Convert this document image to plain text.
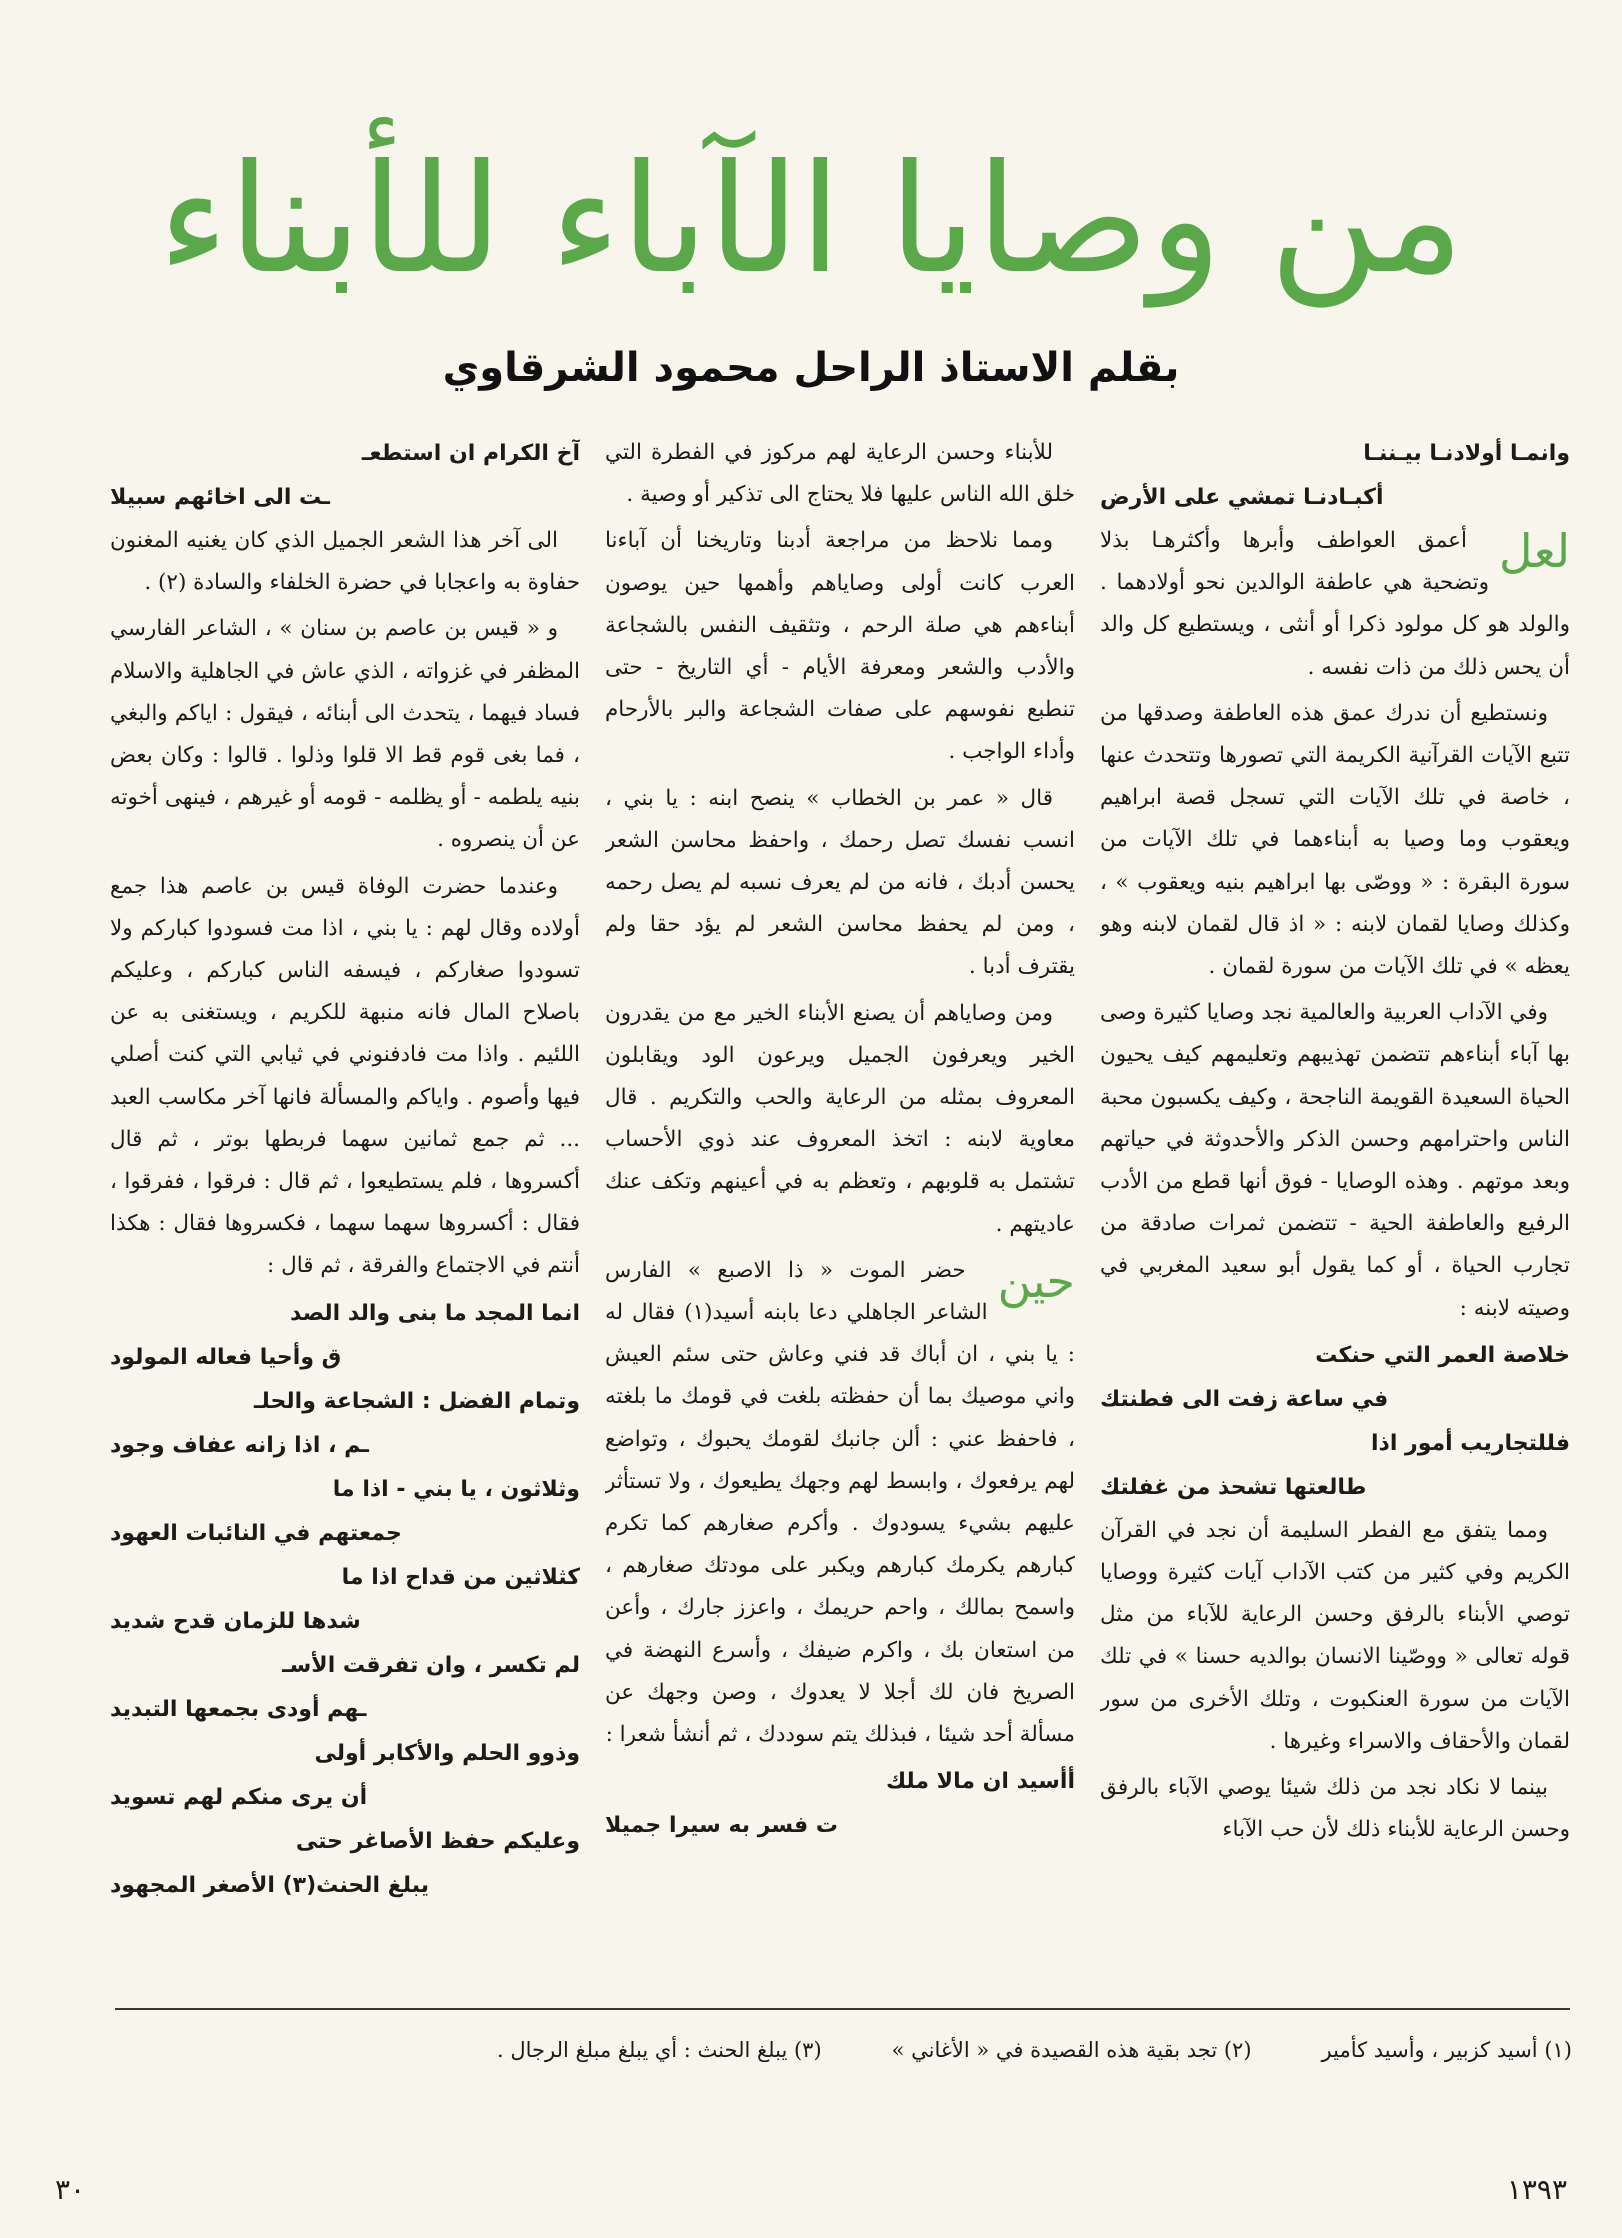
من وصايا الآباء للأبناء
بقلم الاستاذ الراحل محمود الشرقاوي
وانمـا أولادنـا بيـننـا
أكبـادنـا تمشي على الأرض
لعل

أعمق العواطف وأبرها وأكثرهـا بذلا وتضحية هي عاطفة الوالدين نحو أولادهما . والولد هو كل مولود ذكرا أو أنثى ، ويستطيع كل والد أن يحس ذلك من ذات نفسه .

ونستطيع أن ندرك عمق هذه العاطفة وصدقها من تتبع الآيات القرآنية الكريمة التي تصورها وتتحدث عنها ، خاصة في تلك الآيات التي تسجل قصة ابراهيم ويعقوب وما وصيا به أبناءهما في تلك الآيات من سورة البقرة : « ووصّى بها ابراهيم بنيه ويعقوب » ، وكذلك وصايا لقمان لابنه : « اذ قال لقمان لابنه وهو يعظه » في تلك الآيات من سورة لقمان .

وفي الآداب العربية والعالمية نجد وصايا كثيرة وصى بها آباء أبناءهم تتضمن تهذيبهم وتعليمهم كيف يحيون الحياة السعيدة القويمة الناجحة ، وكيف يكسبون محبة الناس واحترامهم وحسن الذكر والأحدوثة في حياتهم وبعد موتهم . وهذه الوصايا - فوق أنها قطع من الأدب الرفيع والعاطفة الحية - تتضمن ثمرات صادقة من تجارب الحياة ، أو كما يقول أبو سعيد المغربي في وصيته لابنه :

خلاصة العمر التي حنكت
في ساعة زفت الى فطنتك
فللتجاريب أمور اذا
طالعتها تشحذ من غفلتك

ومما يتفق مع الفطر السليمة أن نجد في القرآن الكريم وفي كثير من كتب الآداب آيات كثيرة ووصايا توصي الأبناء بالرفق وحسن الرعاية للآباء من مثل قوله تعالى « ووصّينا الانسان بوالديه حسنا » في تلك الآيات من سورة العنكبوت ، وتلك الأخرى من سور لقمان والأحقاف والاسراء وغيرها .

بينما لا نكاد نجد من ذلك شيئا يوصي الآباء بالرفق وحسن الرعاية للأبناء ذلك لأن حب الآباء

للأبناء وحسن الرعاية لهم مركوز في الفطرة التي خلق الله الناس عليها فلا يحتاج الى تذكير أو وصية .

ومما نلاحظ من مراجعة أدبنا وتاريخنا أن آباءنا العرب كانت أولى وصاياهم وأهمها حين يوصون أبناءهم هي صلة الرحم ، وتثقيف النفس بالشجاعة والأدب والشعر ومعرفة الأيام - أي التاريخ - حتى تنطبع نفوسهم على صفات الشجاعة والبر بالأرحام وأداء الواجب .

قال « عمر بن الخطاب » ينصح ابنه : يا بني ، انسب نفسك تصل رحمك ، واحفظ محاسن الشعر يحسن أدبك ، فانه من لم يعرف نسبه لم يصل رحمه ، ومن لم يحفظ محاسن الشعر لم يؤد حقا ولم يقترف أدبا .

ومن وصاياهم أن يصنع الأبناء الخير مع من يقدرون الخير ويعرفون الجميل ويرعون الود ويقابلون المعروف بمثله من الرعاية والحب والتكريم . قال معاوية لابنه : اتخذ المعروف عند ذوي الأحساب تشتمل به قلوبهم ، وتعظم به في أعينهم وتكف عنك عاديتهم .

حين

حضر الموت « ذا الاصبع » الفارس الشاعر الجاهلي دعا بابنه أسيد(١) فقال له : يا بني ، ان أباك قد فني وعاش حتى سئم العيش واني موصيك بما أن حفظته بلغت في قومك ما بلغته ، فاحفظ عني : ألن جانبك لقومك يحبوك ، وتواضع لهم يرفعوك ، وابسط لهم وجهك يطيعوك ، ولا تستأثر عليهم بشيء يسودوك . وأكرم صغارهم كما تكرم كبارهم يكرمك كبارهم ويكبر على مودتك صغارهم ، واسمح بمالك ، واحم حريمك ، واعزز جارك ، وأعن من استعان بك ، واكرم ضيفك ، وأسرع النهضة في الصريخ فان لك أجلا لا يعدوك ، وصن وجهك عن مسألة أحد شيئا ، فبذلك يتم سوددك ، ثم أنشأ شعرا :

أأسيد ان مالا ملك
ت فسر به سيرا جميلا
آخ الكرام ان استطعـ
ـت الى اخائهم سبيلا

الى آخر هذا الشعر الجميل الذي كان يغنيه المغنون حفاوة به واعجابا في حضرة الخلفاء والسادة (٢) .

و « قيس بن عاصم بن سنان » ، الشاعر الفارسي المظفر في غزواته ، الذي عاش في الجاهلية والاسلام فساد فيهما ، يتحدث الى أبنائه ، فيقول : اياكم والبغي ، فما بغى قوم قط الا قلوا وذلوا . قالوا : وكان بعض بنيه يلطمه - أو يظلمه - قومه أو غيرهم ، فينهى أخوته عن أن ينصروه .

وعندما حضرت الوفاة قيس بن عاصم هذا جمع أولاده وقال لهم : يا بني ، اذا مت فسودوا كباركم ولا تسودوا صغاركم ، فيسفه الناس كباركم ، وعليكم باصلاح المال فانه منبهة للكريم ، ويستغنى به عن اللئيم . واذا مت فادفنوني في ثيابي التي كنت أصلي فيها وأصوم . واياكم والمسألة فانها آخر مكاسب العبد ... ثم جمع ثمانين سهما فربطها بوتر ، ثم قال أكسروها ، فلم يستطيعوا ، ثم قال : فرقوا ، ففرقوا ، فقال : أكسروها سهما سهما ، فكسروها فقال : هكذا أنتم في الاجتماع والفرقة ، ثم قال :

انما المجد ما بنى والد الصد
ق وأحيا فعاله المولود
وتمام الفضل : الشجاعة والحلـ
ـم ، اذا زانه عفاف وجود
وثلاثون ، يا بني - اذا ما
جمعتهم في النائبات العهود
كثلاثين من قداح اذا ما
شدها للزمان قدح شديد
لم تكسر ، وان تفرقت الأسـ
ـهم أودى بجمعها التبديد
وذوو الحلم والأكابر أولى
أن يرى منكم لهم تسويد
وعليكم حفظ الأصاغر حتى
يبلغ الحنث(٣) الأصغر المجهود
(١) أسيد كزبير ، وأسيد كأمير
(٢) تجد بقية هذه القصيدة في « الأغاني »
(٣) يبلغ الحنث : أي يبلغ مبلغ الرجال .
٣٠	١٣٩٣
